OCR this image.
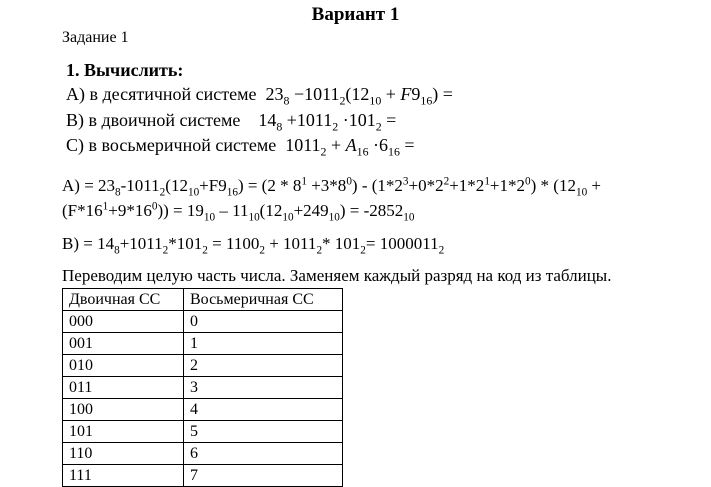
Вариант 1
Задание 1
1. Вычислить:
A) в десятичной системе  $23_8 -1011_2(12_{10} + F9_{16})$ =
B) в двоичной системе    $14_8 +1011_2 \cdot 101_2$ =
C) в восьмеричной системе  $1011_2 + A_{16} \cdot 6_{16}$ =
$A) = 23_8-1011_2(12_{10}+F9_{16}) = (2 * 8^1 +3*8^0) - (1*2^3+0*2^2+1*2^1+1*2^0) * (12_{10}$ +
$(F*16^1+9*16^0)) = 19_{10} - 11_{10}(12_{10}+249_{10}) = -2852_{10}$
$B) = 14_8+1011_2*101_2 = 1100_2 + 1011_2*$ $101_2= 1000011_2$
Переводим целую часть числа. Заменяем каждый разряд на код из таблицы.
Двоичная СС	Восьмеричная СС
000	0
001	1
010	2
011	3
100	4
101	5
110	6
111	7
